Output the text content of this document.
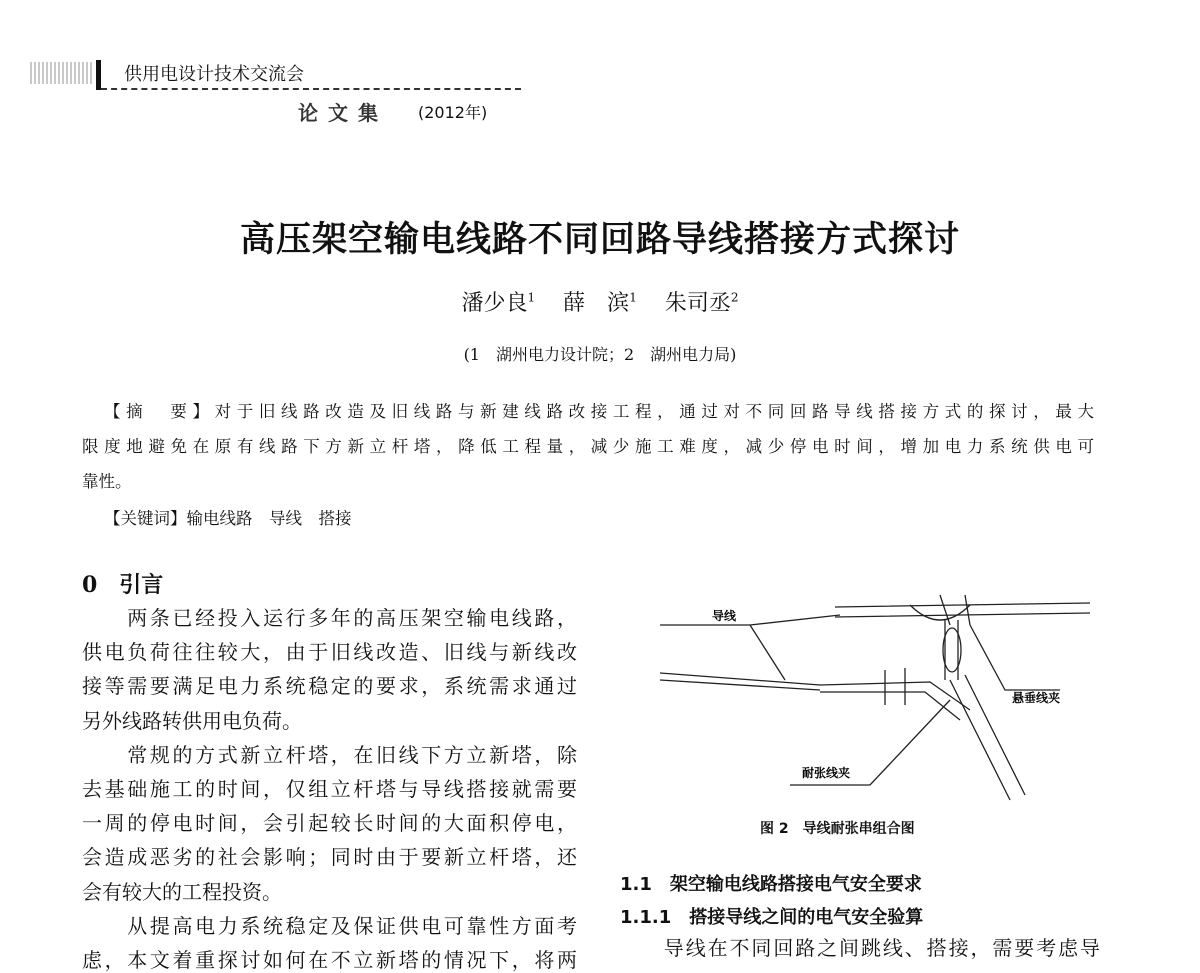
供用电设计技术交流会
论文集 (2012年)
高压架空输电线路不同回路导线搭接方式探讨
潘少良$^1$ 薛　滨$^1$ 朱司丞$^2$
(1　湖州电力设计院；2　湖州电力局)
【摘　要】对于旧线路改造及旧线路与新建线路改接工程，通过对不同回路导线搭接方式的探讨，最大
限度地避免在原有线路下方新立杆塔，降低工程量，减少施工难度，减少停电时间，增加电力系统供电可
靠性。
【关键词】输电线路　导线　搭接
0　引言
　　两条已经投入运行多年的高压架空输电线路，
供电负荷往往较大，由于旧线改造、旧线与新线改
接等需要满足电力系统稳定的要求，系统需求通过
另外线路转供用电负荷。
　　常规的方式新立杆塔，在旧线下方立新塔，除
去基础施工的时间，仅组立杆塔与导线搭接就需要
一周的停电时间，会引起较长时间的大面积停电，
会造成恶劣的社会影响；同时由于要新立杆塔，还
会有较大的工程投资。
　　从提高电力系统稳定及保证供电可靠性方面考
虑，本文着重探讨如何在不立新塔的情况下，将两
导线
悬垂线夹
耐张线夹
图 2　导线耐张串组合图
1.1　架空输电线路搭接电气安全要求
1.1.1　搭接导线之间的电气安全验算
　　导线在不同回路之间跳线、搭接，需要考虑导
